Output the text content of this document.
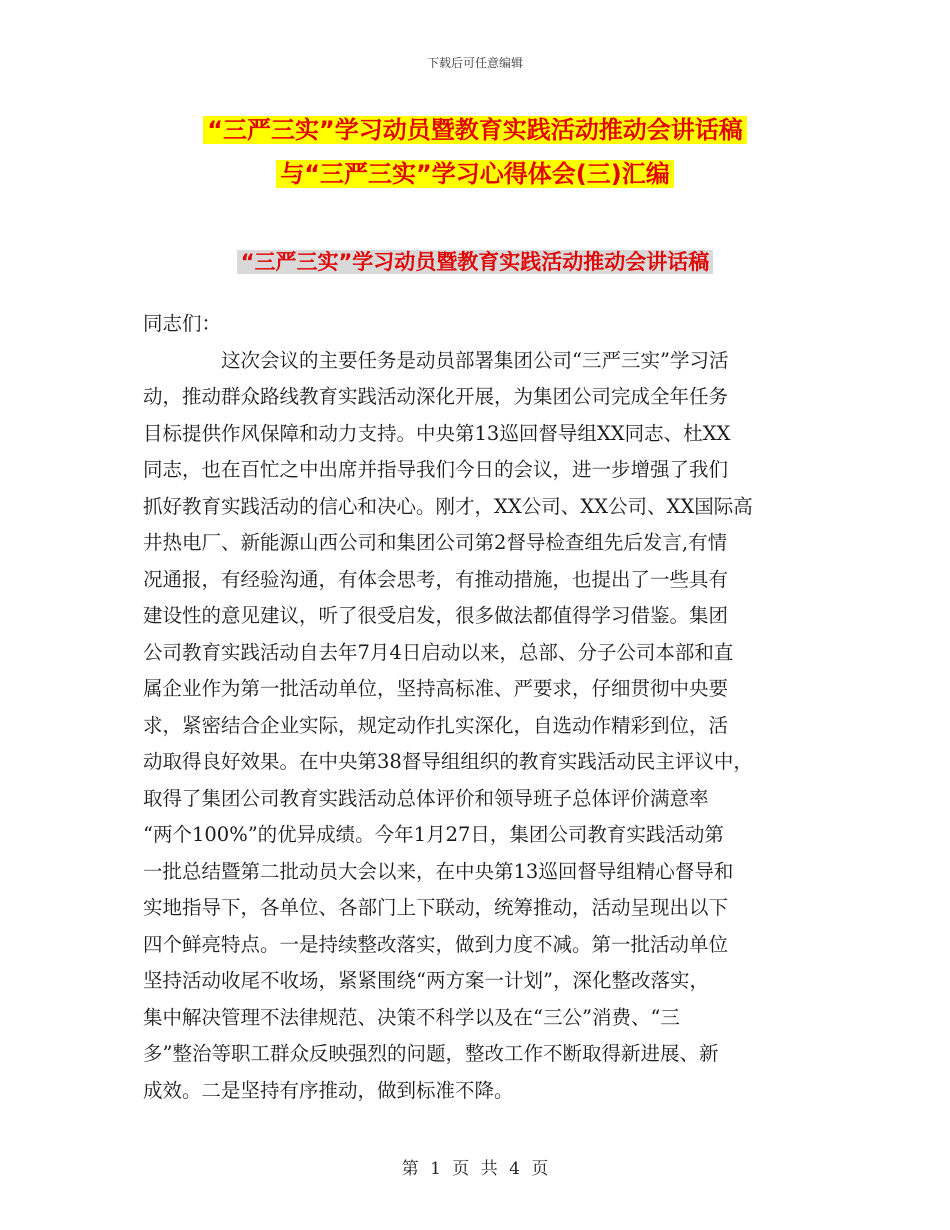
下载后可任意编辑
“三严三实”学习动员暨教育实践活动推动会讲话稿
与“三严三实”学习心得体会(三)汇编
“三严三实”学习动员暨教育实践活动推动会讲话稿
同志们：
这次会议的主要任务是动员部署集团公司“三严三实”学习活
动，推动群众路线教育实践活动深化开展，为集团公司完成全年任务
目标提供作风保障和动力支持。中央第13巡回督导组XX同志、杜XX
同志，也在百忙之中出席并指导我们今日的会议，进一步增强了我们
抓好教育实践活动的信心和决心。刚才，XX公司、XX公司、XX国际高
井热电厂、新能源山西公司和集团公司第2督导检查组先后发言,有情
况通报，有经验沟通，有体会思考，有推动措施，也提出了一些具有
建设性的意见建议，听了很受启发，很多做法都值得学习借鉴。集团
公司教育实践活动自去年7月4日启动以来，总部、分子公司本部和直
属企业作为第一批活动单位，坚持高标准、严要求，仔细贯彻中央要
求，紧密结合企业实际，规定动作扎实深化，自选动作精彩到位，活
动取得良好效果。在中央第38督导组组织的教育实践活动民主评议中，
取得了集团公司教育实践活动总体评价和领导班子总体评价满意率
“两个100%”的优异成绩。今年1月27日，集团公司教育实践活动第
一批总结暨第二批动员大会以来，在中央第13巡回督导组精心督导和
实地指导下，各单位、各部门上下联动，统筹推动，活动呈现出以下
四个鲜亮特点。一是持续整改落实，做到力度不减。第一批活动单位
坚持活动收尾不收场，紧紧围绕“两方案一计划”，深化整改落实，
集中解决管理不法律规范、决策不科学以及在“三公”消费、“三
多”整治等职工群众反映强烈的问题，整改工作不断取得新进展、新
成效。二是坚持有序推动，做到标准不降。
第 1 页 共 4 页
